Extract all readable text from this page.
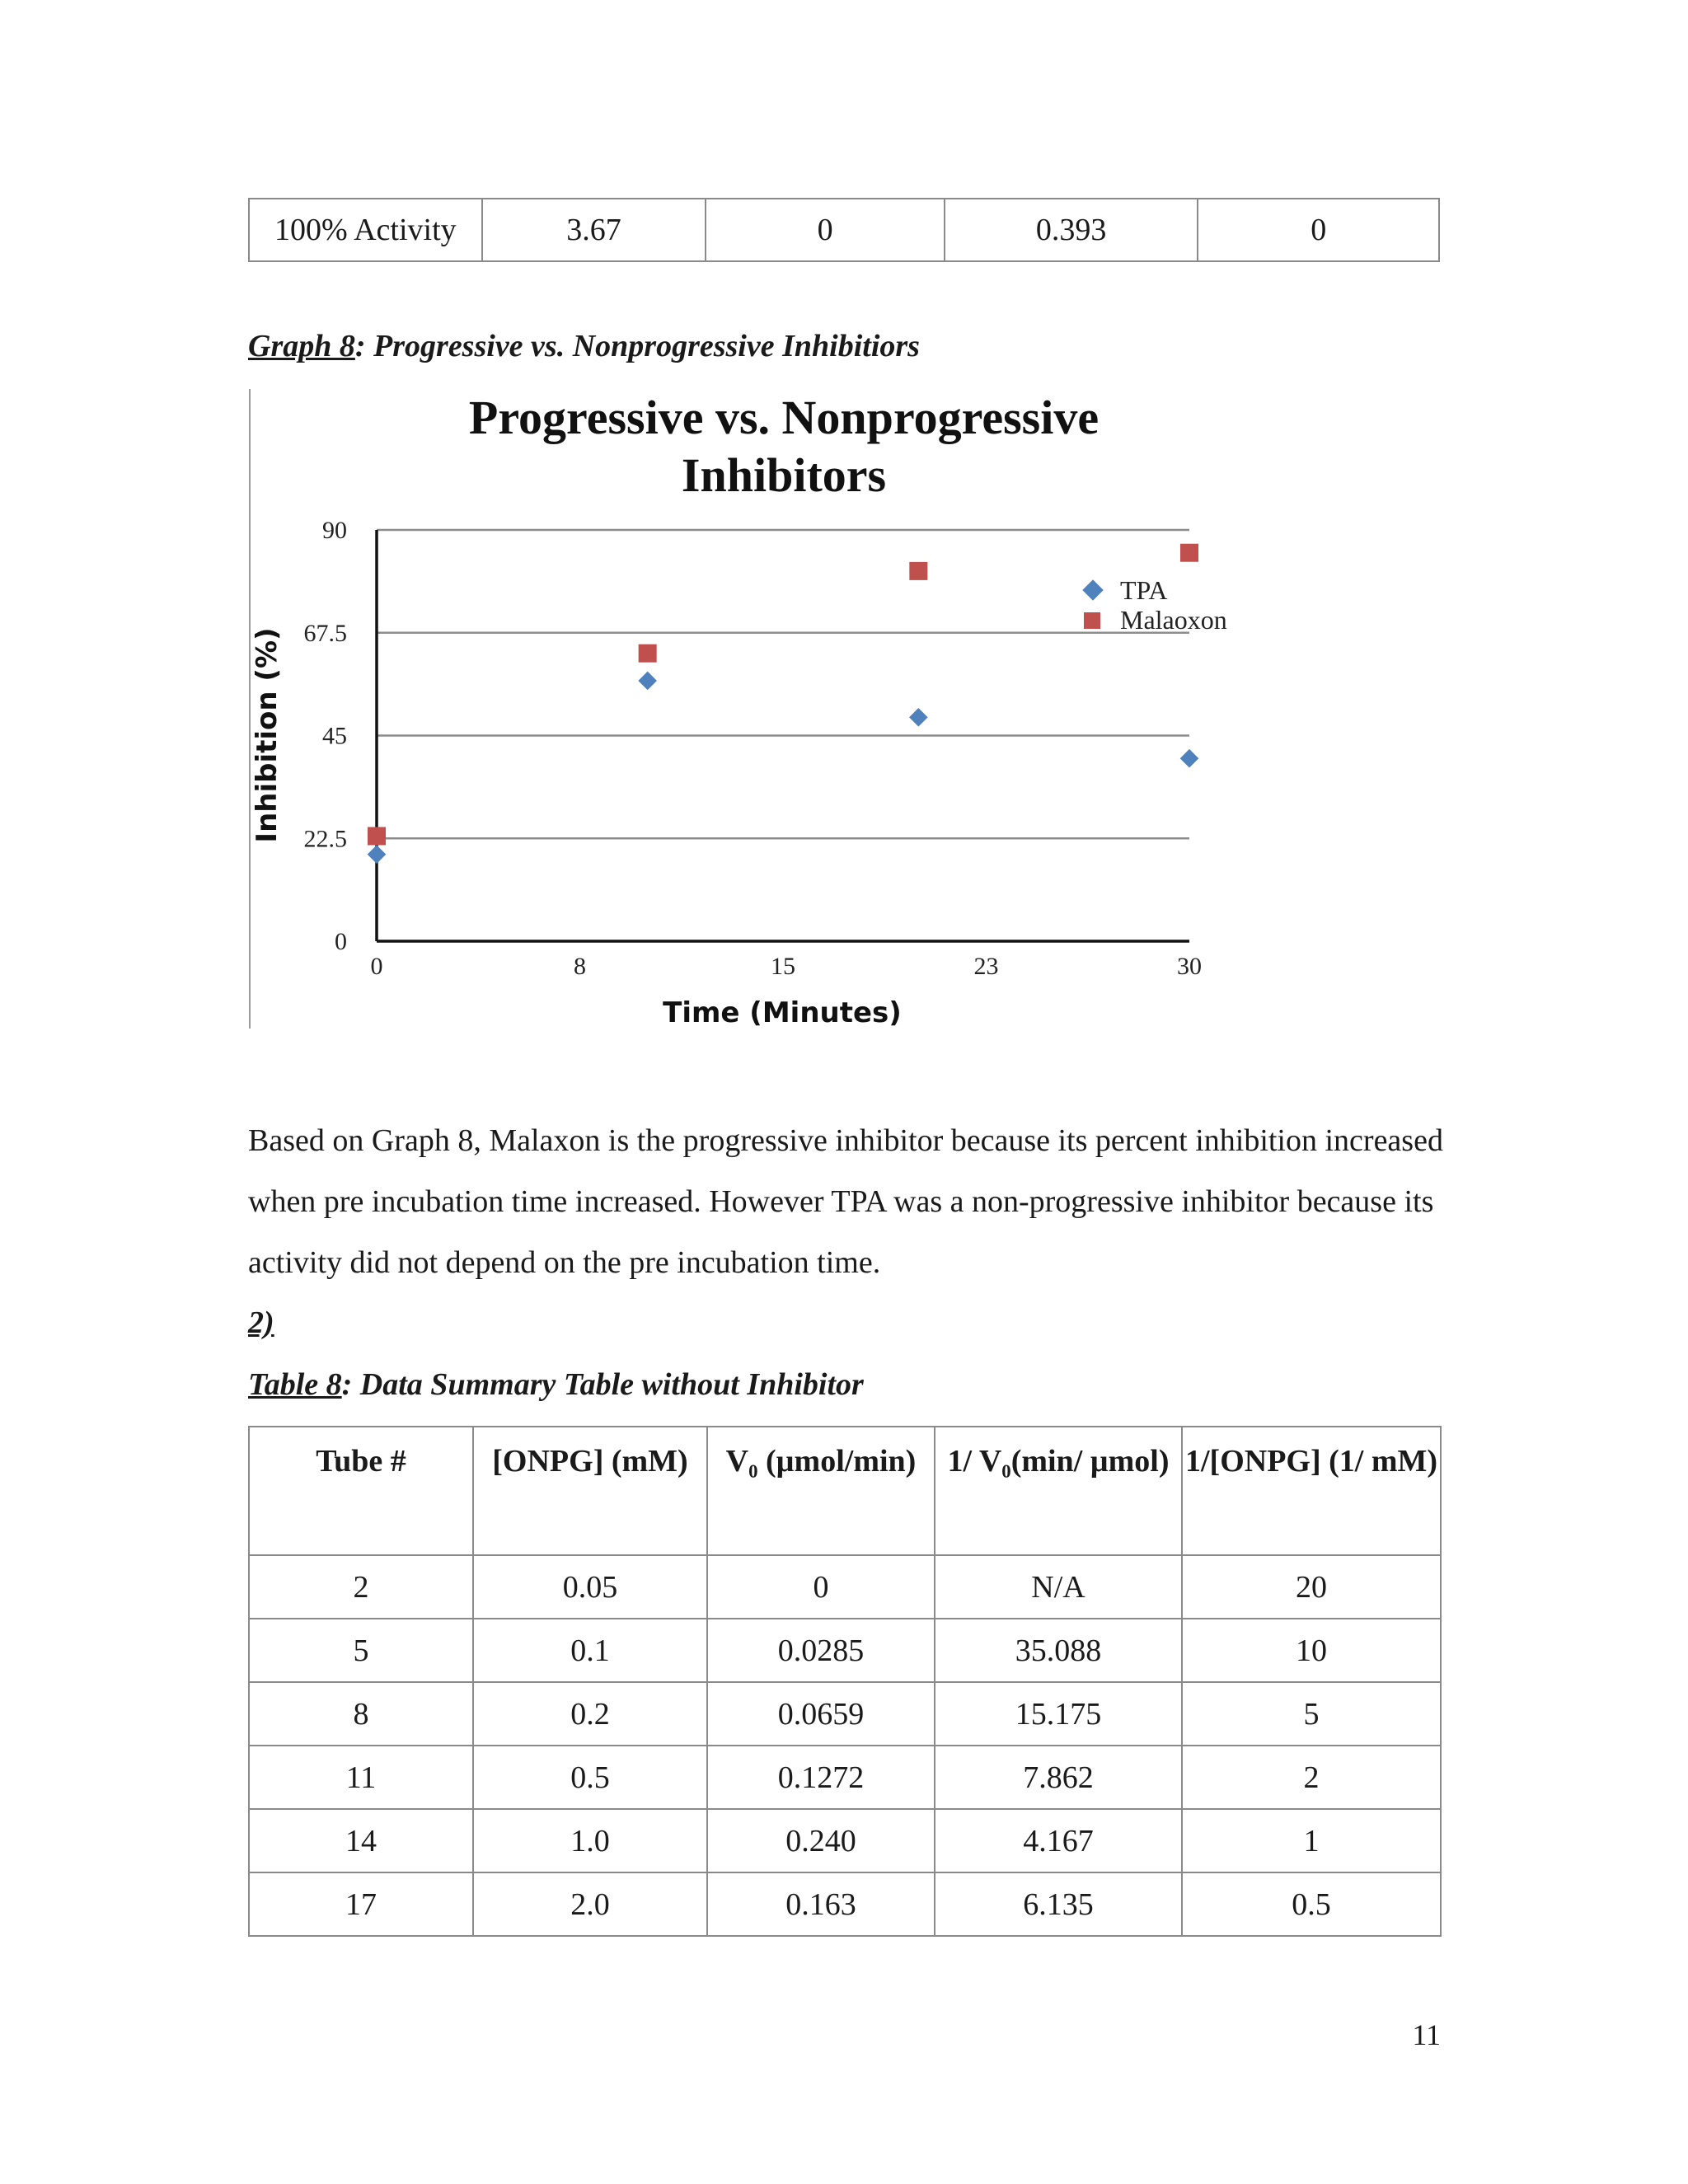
100% Activity	3.67	0	0.393	0
Graph 8: Progressive vs. Nonprogressive Inhibitiors
Progressive vs. Nonprogressive
Inhibitors
0
22.5
45
67.5
90
0	8	15	23	30
Time (Minutes)
Inhibition (%)
TPA
Malaoxon
Based on Graph 8, Malaxon is the progressive inhibitor because its percent inhibition increased when pre incubation time increased. However TPA was a non-progressive inhibitor because its activity did not depend on the pre incubation time.
2)
Table 8: Data Summary Table without Inhibitor
Tube #	[ONPG] (mM)	V₀ (µmol/min)	1/ V₀(min/ µmol)	1/[ONPG] (1/ mM)
2	0.05	0	N/A	20
5	0.1	0.0285	35.088	10
8	0.2	0.0659	15.175	5
11	0.5	0.1272	7.862	2
14	1.0	0.240	4.167	1
17	2.0	0.163	6.135	0.5
11
